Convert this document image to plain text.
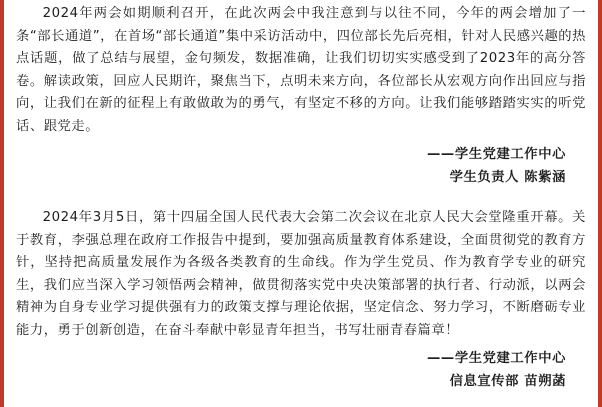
2024年两会如期顺利召开，在此次两会中我注意到与以往不同，今年的两会增加了一条“部长通道”，在首场“部长通道”集中采访活动中，四位部长先后亮相，针对人民感兴趣的热点话题，做了总结与展望，金句频发，数据准确，让我们切切实实感受到了2023年的高分答卷。解读政策，回应人民期许，聚焦当下，点明未来方向，各位部长从宏观方向作出回应与指向，让我们在新的征程上有敢做敢为的勇气，有坚定不移的方向。让我们能够踏踏实实的听党话、跟党走。

——学生党建工作中心
学生负责人 陈紫涵

2024年3月5日，第十四届全国人民代表大会第二次会议在北京人民大会堂隆重开幕。关于教育，李强总理在政府工作报告中提到，要加强高质量教育体系建设，全面贯彻党的教育方针，坚持把高质量发展作为各级各类教育的生命线。作为学生党员、作为教育学专业的研究生，我们应当深入学习领悟两会精神，做贯彻落实党中央决策部署的执行者、行动派，以两会精神为自身专业学习提供强有力的政策支撑与理论依据，坚定信念、努力学习，不断磨砺专业能力，勇于创新创造，在奋斗奉献中彰显青年担当，书写壮丽青春篇章！

——学生党建工作中心
信息宣传部 苗朔菡
